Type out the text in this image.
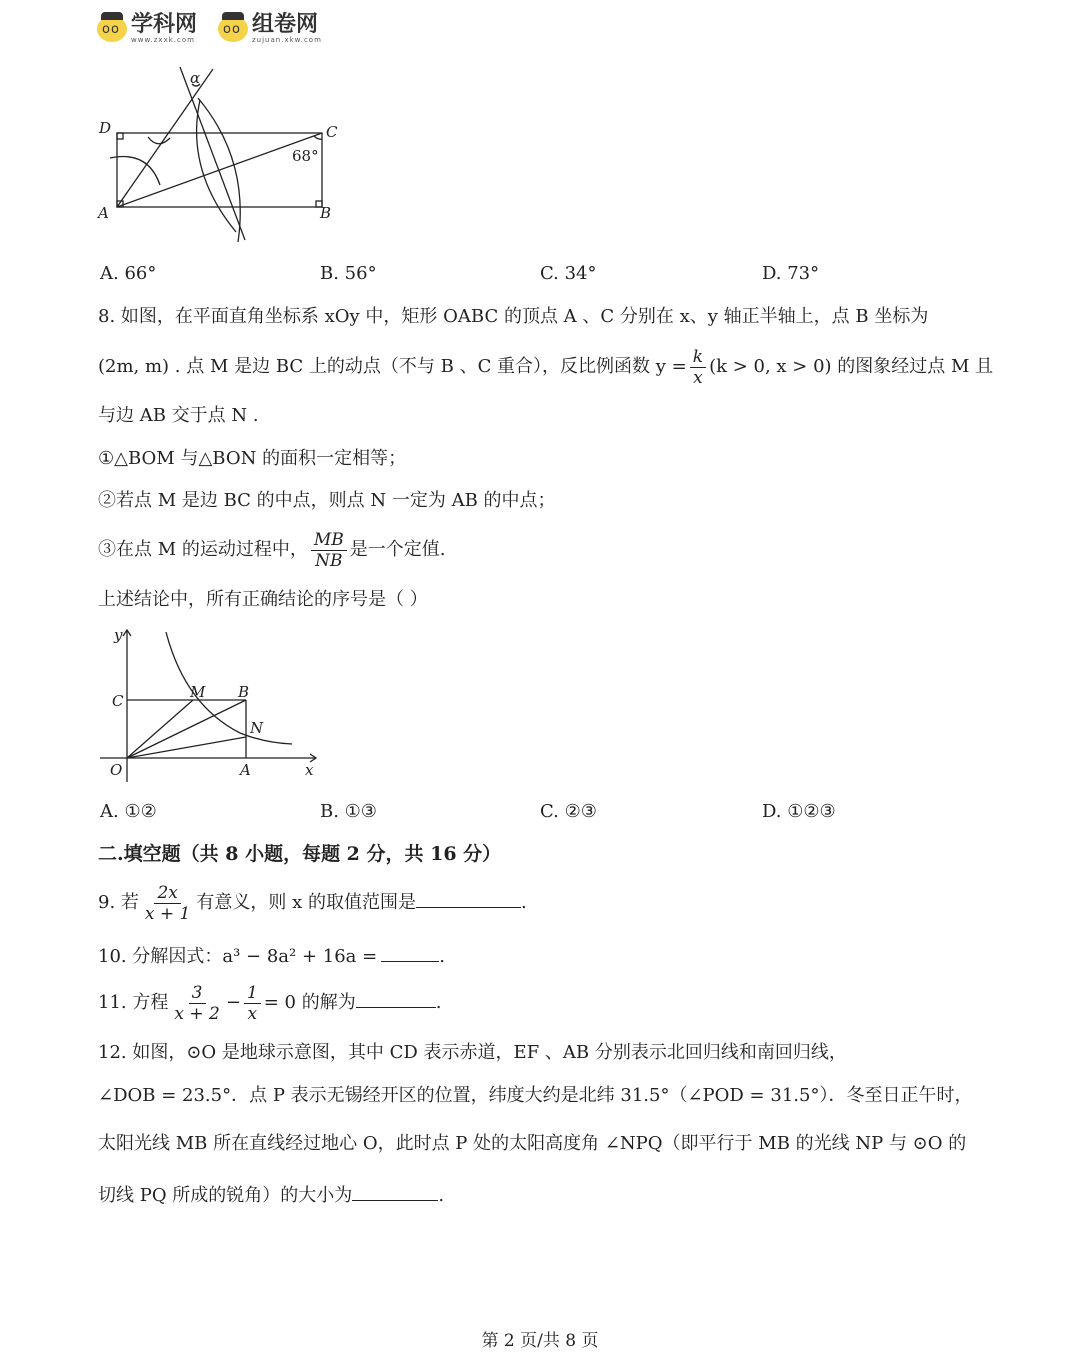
oo
学科网
www.zxxk.com
oo
组卷网
zujuan.xkw.com
D	C
A	B
α
68°
A. 66°	B. 56°	C. 34°	D. 73°
8. 如图，在平面直角坐标系 xOy 中，矩形 OABC 的顶点 A 、C 分别在 x、y 轴正半轴上，点 B 坐标为
(2m, m) . 点 M 是边 BC 上的动点（不与 B 、C 重合），反比例函数 $y = \frac{k}{x} (k > 0$, x > 0) 的图象经过点 M 且
与边 AB 交于点 N .
①△BOM 与△BON 的面积一定相等；
②若点 M 是边 BC 的中点，则点 N 一定为 AB 的中点；
③在点 M 的运动过程中， $\frac{MB}{NB}$ 是一个定值.
上述结论中，所有正确结论的序号是（ ）
y
x
O	A
B
C	M
N
A. ①②	B. ①③	C. ②③	D. ①②③
二.填空题（共 8 小题，每题 2 分，共 16 分）
9. 若 $\frac{2x}{x + 1}$ 有意义，则 x 的取值范围是	.
10. 分解因式：a³ − 8a² + 16a =	.
11. 方程 $\frac{3}{x + 2} - \frac{1}{x} = 0$ 的解为	.
12. 如图，⊙O 是地球示意图，其中 CD 表示赤道，EF 、AB 分别表示北回归线和南回归线，
∠DOB = 23.5°．点 P 表示无锡经开区的位置，纬度大约是北纬 31.5°（∠POD = 31.5°）．冬至日正午时，
太阳光线 MB 所在直线经过地心 O，此时点 P 处的太阳高度角 ∠NPQ（即平行于 MB 的光线 NP 与 ⊙O 的
切线 PQ 所成的锐角）的大小为	.
第 2 页/共 8 页
